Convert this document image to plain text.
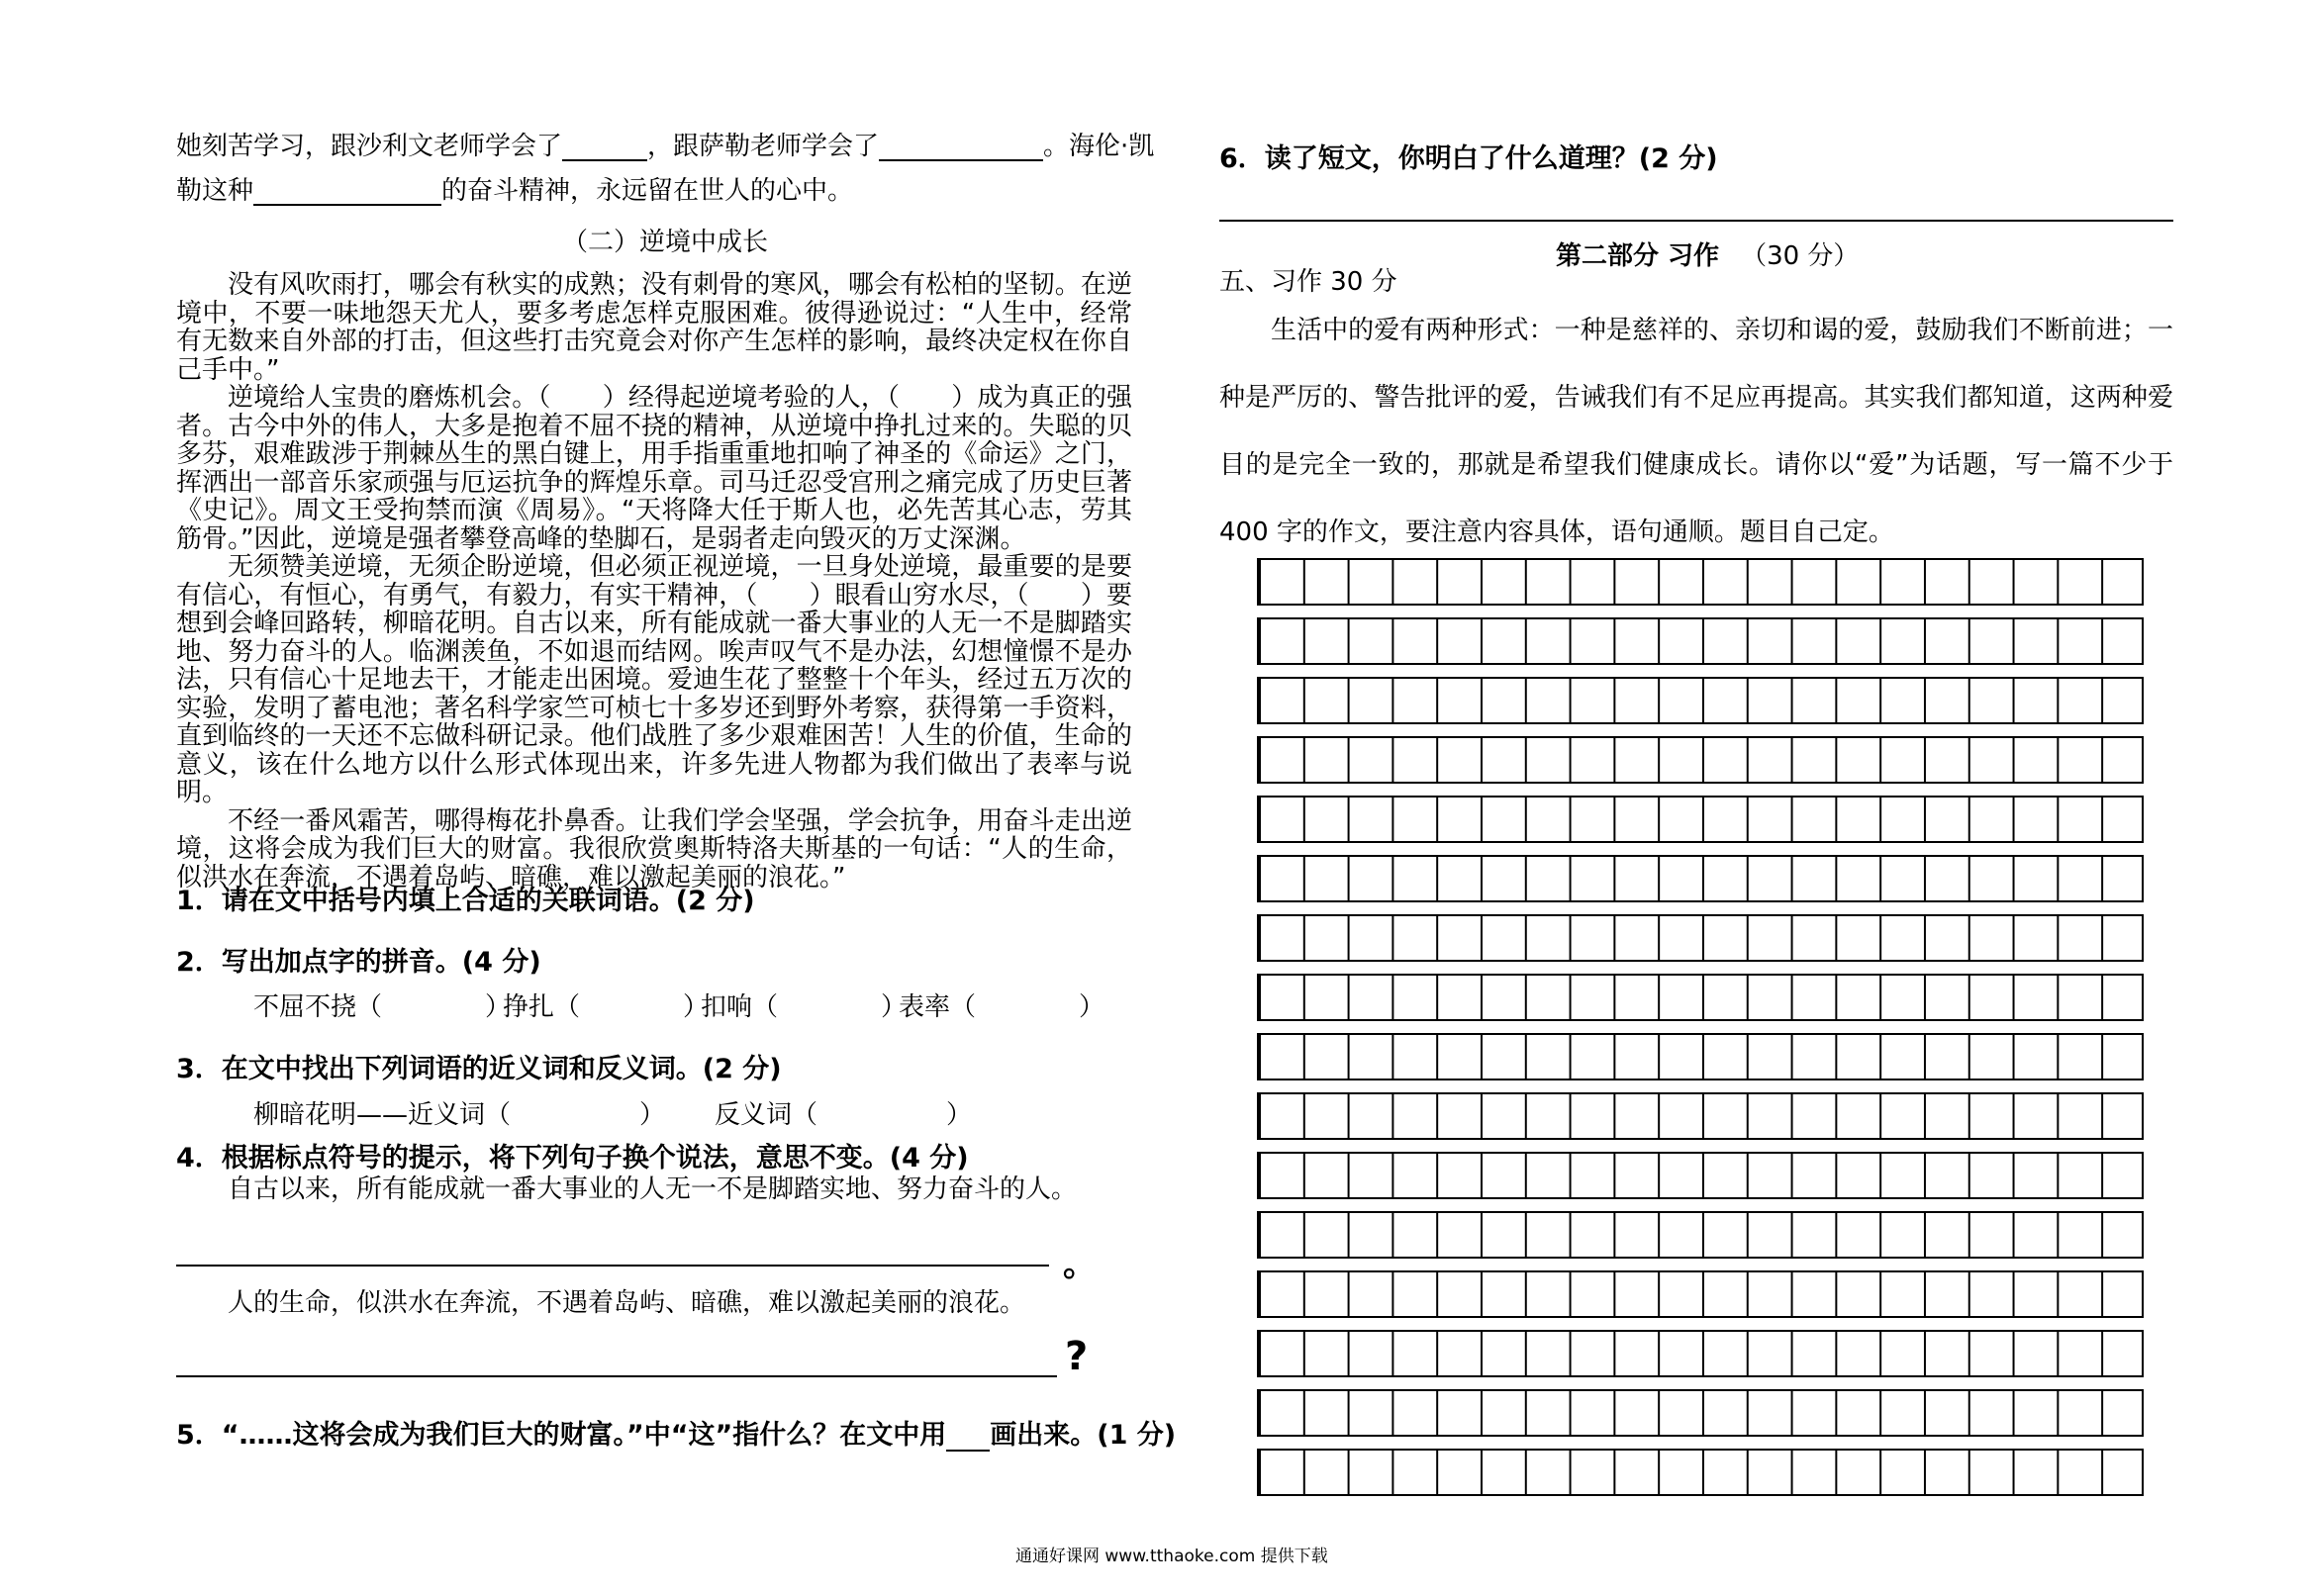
她刻苦学习，跟沙利文老师学会了	，跟萨勒老师学会了	。海伦·凯
勒这种	的奋斗精神，永远留在世人的心中。
（二）逆境中成长

没有风吹雨打，哪会有秋实的成熟；没有刺骨的寒风，哪会有松柏的坚韧。在逆境中，不要一味地怨天尤人，要多考虑怎样克服困难。彼得逊说过：“人生中，经常有无数来自外部的打击，但这些打击究竟会对你产生怎样的影响，最终决定权在你自己手中。”

逆境给人宝贵的磨炼机会。（　　）经得起逆境考验的人，（　　）成为真正的强者。古今中外的伟人，大多是抱着不屈不挠的精神，从逆境中挣扎过来的。失聪的贝多芬，艰难跋涉于荆棘丛生的黑白键上，用手指重重地扣响了神圣的《命运》之门，挥洒出一部音乐家顽强与厄运抗争的辉煌乐章。司马迁忍受宫刑之痛完成了历史巨著《史记》。周文王受拘禁而演《周易》。“天将降大任于斯人也，必先苦其心志，劳其筋骨。”因此，逆境是强者攀登高峰的垫脚石，是弱者走向毁灭的万丈深渊。

无须赞美逆境，无须企盼逆境，但必须正视逆境，一旦身处逆境，最重要的是要有信心，有恒心，有勇气，有毅力，有实干精神，（　　）眼看山穷水尽，（　　）要想到会峰回路转，柳暗花明。自古以来，所有能成就一番大事业的人无一不是脚踏实地、努力奋斗的人。临渊羡鱼，不如退而结网。唉声叹气不是办法，幻想憧憬不是办法，只有信心十足地去干，才能走出困境。爱迪生花了整整十个年头，经过五万次的实验，发明了蓄电池；著名科学家竺可桢七十多岁还到野外考察，获得第一手资料，直到临终的一天还不忘做科研记录。他们战胜了多少艰难困苦！人生的价值，生命的意义，该在什么地方以什么形式体现出来，许多先进人物都为我们做出了表率与说明。

不经一番风霜苦，哪得梅花扑鼻香。让我们学会坚强，学会抗争，用奋斗走出逆境，这将会成为我们巨大的财富。我很欣赏奥斯特洛夫斯基的一句话：“人的生命，似洪水在奔流，不遇着岛屿、暗礁，难以激起美丽的浪花。”

1．请在文中括号内填上合适的关联词语。(2 分)
2．写出加点字的拼音。(4 分)
不屈不挠（　　　　）
挣扎（　　　　）
扣响（　　　　）
表率（　　　　）
3．在文中找出下列词语的近义词和反义词。(2 分)
柳暗花明——近义词（　　　　　） 反义词（　　　　　）
4．根据标点符号的提示，将下列句子换个说法，意思不变。(4 分)
自古以来，所有能成就一番大事业的人无一不是脚踏实地、努力奋斗的人。
。
人的生命，似洪水在奔流，不遇着岛屿、暗礁，难以激起美丽的浪花。
?
5．“……这将会成为我们巨大的财富。”中“这”指什么？在文中用 画出来。(1 分)
6．读了短文，你明白了什么道理？(2 分)
第二部分 习作 （30 分）
五、习作 30 分
生活中的爱有两种形式：一种是慈祥的、亲切和谒的爱，鼓励我们不断前进；一种是严厉的、警告批评的爱，告诫我们有不足应再提高。其实我们都知道，这两种爱目的是完全一致的，那就是希望我们健康成长。请你以“爱”为话题，写一篇不少于 400 字的作文，要注意内容具体，语句通顺。题目自己定。
通通好课网 www.tthaoke.com 提供下载
